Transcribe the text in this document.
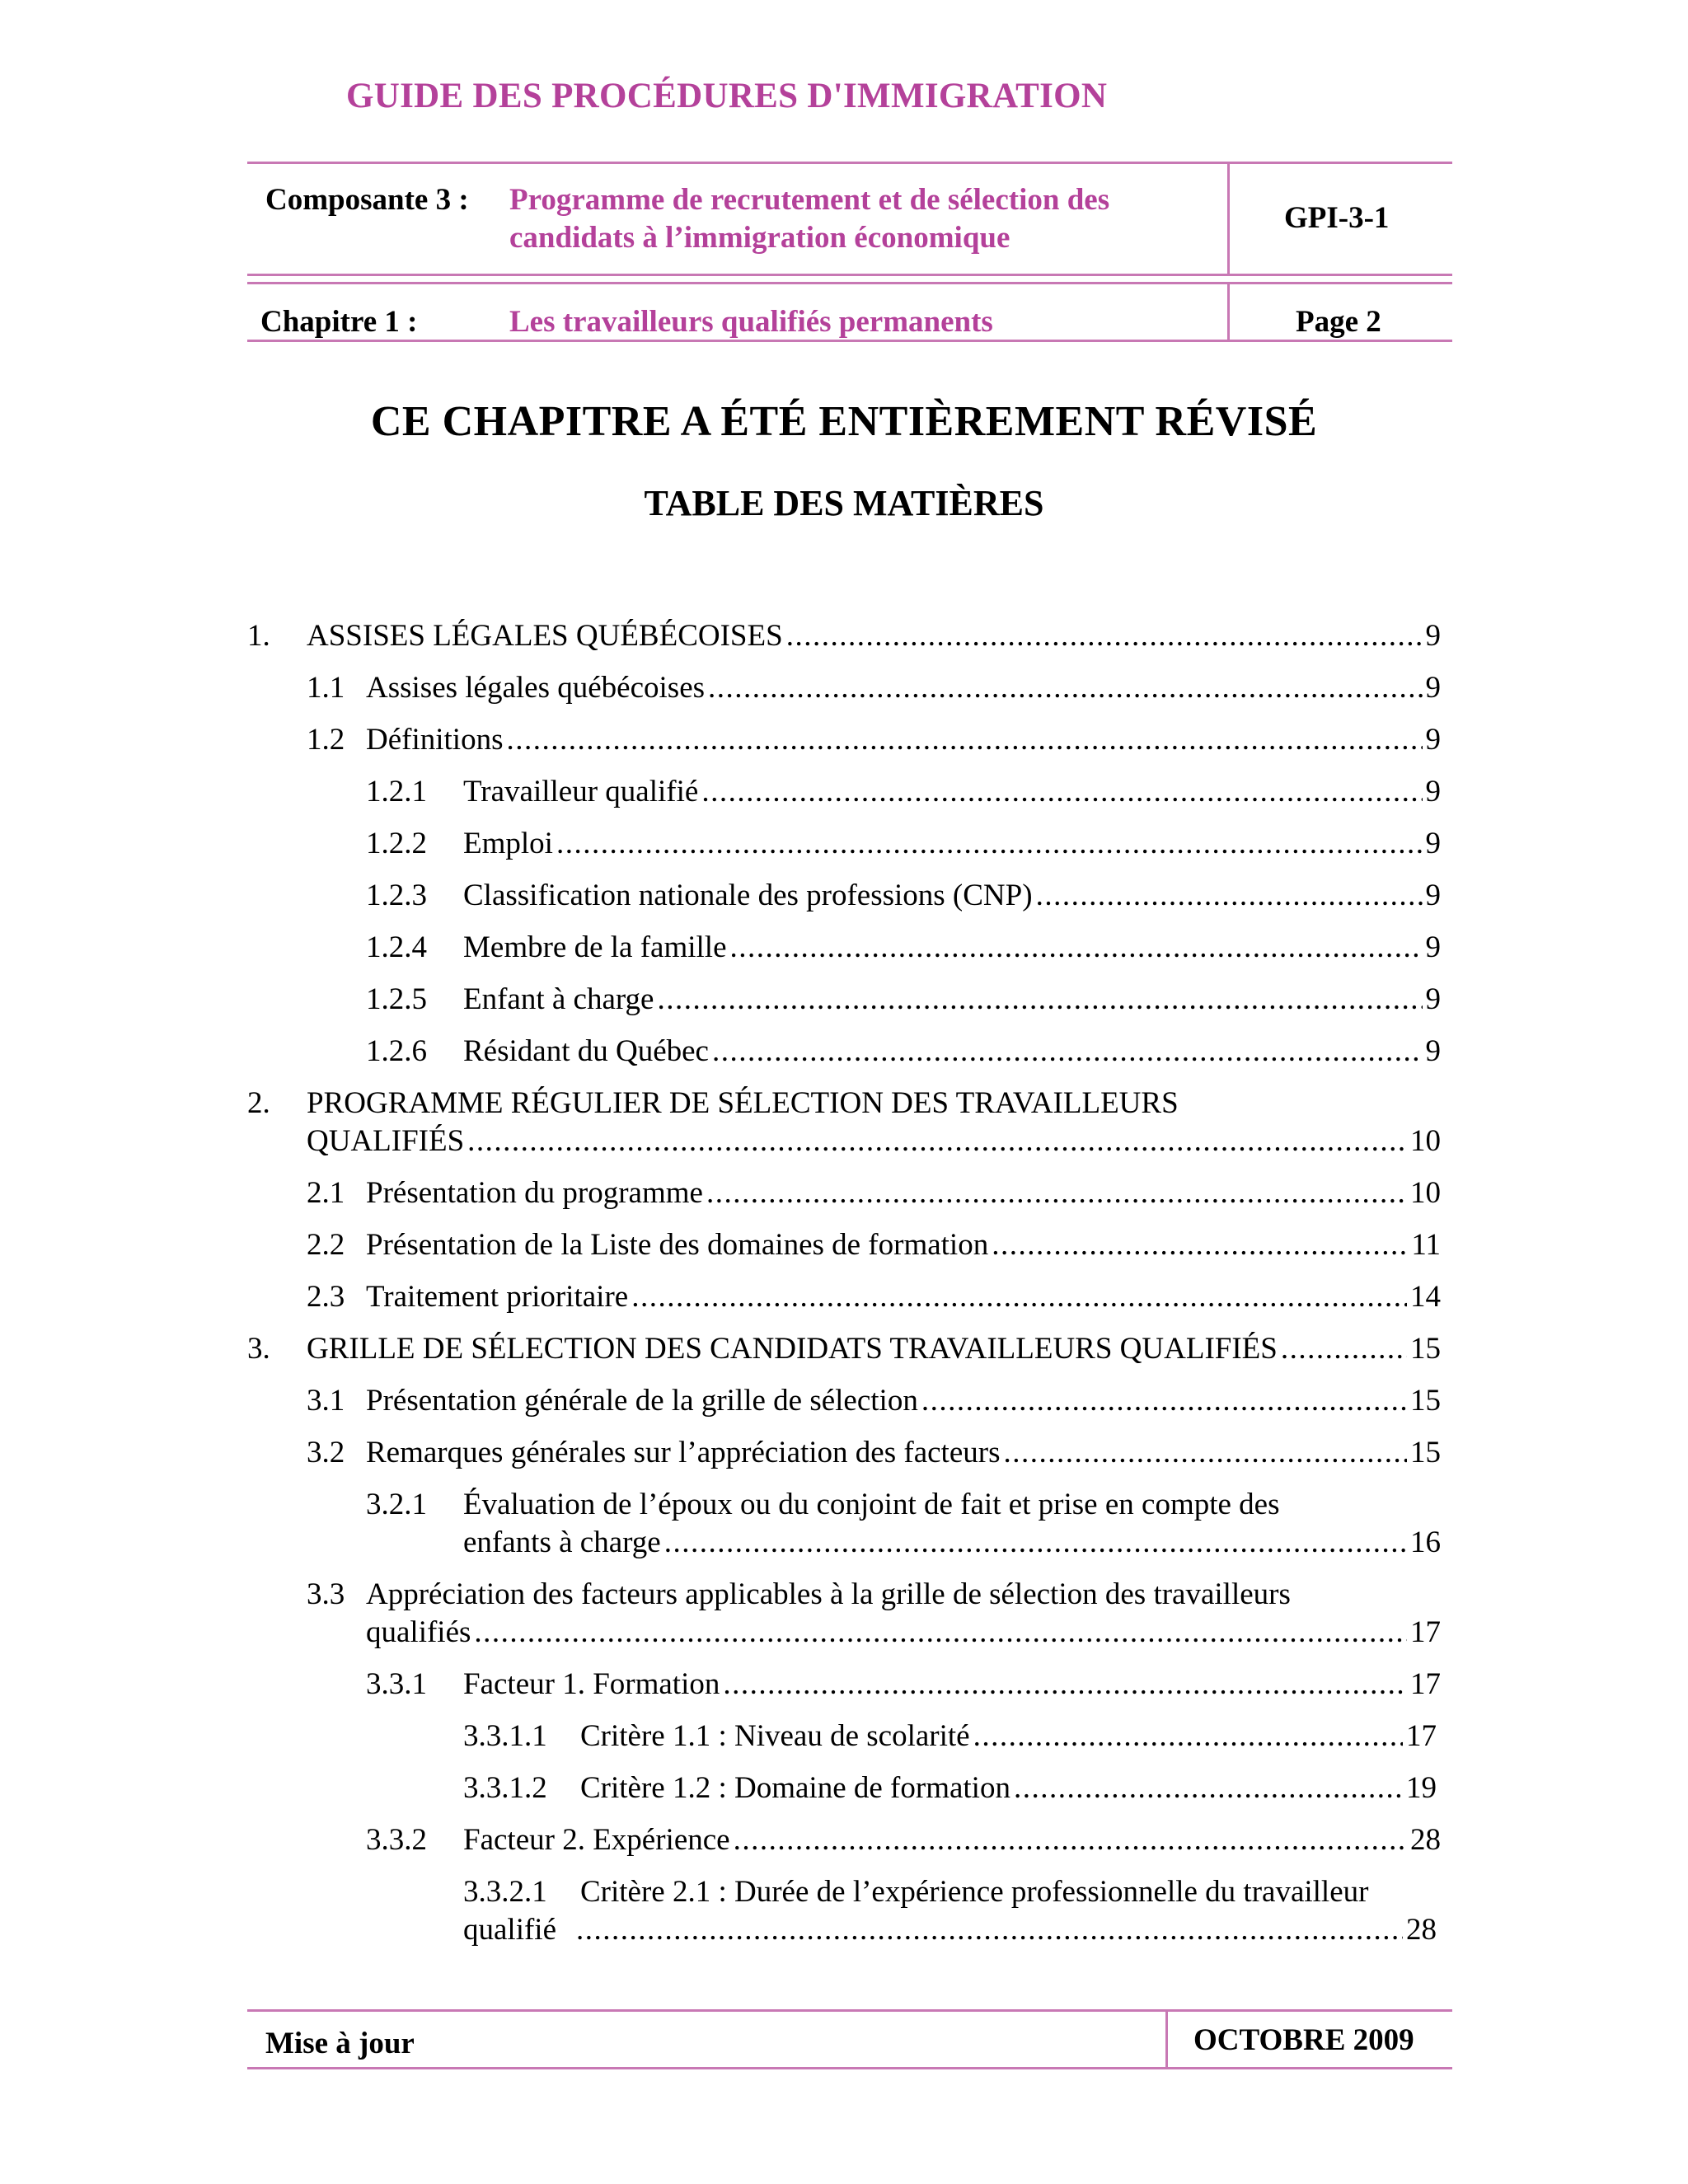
GUIDE DES PROCÉDURES D'IMMIGRATION
Composante 3 : Programme de recrutement et de sélection des
candidats à l’immigration économique
GPI-3-1
Chapitre 1 :	Les travailleurs qualifiés permanents	Page 2
CE CHAPITRE A ÉTÉ ENTIÈREMENT RÉVISÉ
TABLE DES MATIÈRES
1. ASSISES LÉGALES QUÉBÉCOISES .....	9
1.1 Assises légales québécoises .....	9
1.2 Définitions .....	9
1.2.1 Travailleur qualifié .....	9
1.2.2 Emploi .....	9
1.2.3 Classification nationale des professions (CNP) .....	9
1.2.4 Membre de la famille .....	9
1.2.5 Enfant à charge .....	9
1.2.6 Résidant du Québec .....	9
2. PROGRAMME RÉGULIER DE SÉLECTION DES TRAVAILLEURS
QUALIFIÉS .....	10
2.1 Présentation du programme .....	10
2.2 Présentation de la Liste des domaines de formation .....	11
2.3 Traitement prioritaire .....	14
3. GRILLE DE SÉLECTION DES CANDIDATS TRAVAILLEURS QUALIFIÉS .....	15
3.1 Présentation générale de la grille de sélection .....	15
3.2 Remarques générales sur l’appréciation des facteurs .....	15
3.2.1 Évaluation de l’époux ou du conjoint de fait et prise en compte des
enfants à charge .....	16
3.3 Appréciation des facteurs applicables à la grille de sélection des travailleurs
qualifiés .....	17
3.3.1 Facteur 1. Formation .....	17
3.3.1.1 Critère 1.1 : Niveau de scolarité .....	17
3.3.1.2 Critère 1.2 : Domaine de formation .....	19
3.3.2 Facteur 2. Expérience .....	28
3.3.2.1 Critère 2.1 : Durée de l’expérience professionnelle du travailleur
qualifié .....	28
Mise à jour	OCTOBRE 2009
